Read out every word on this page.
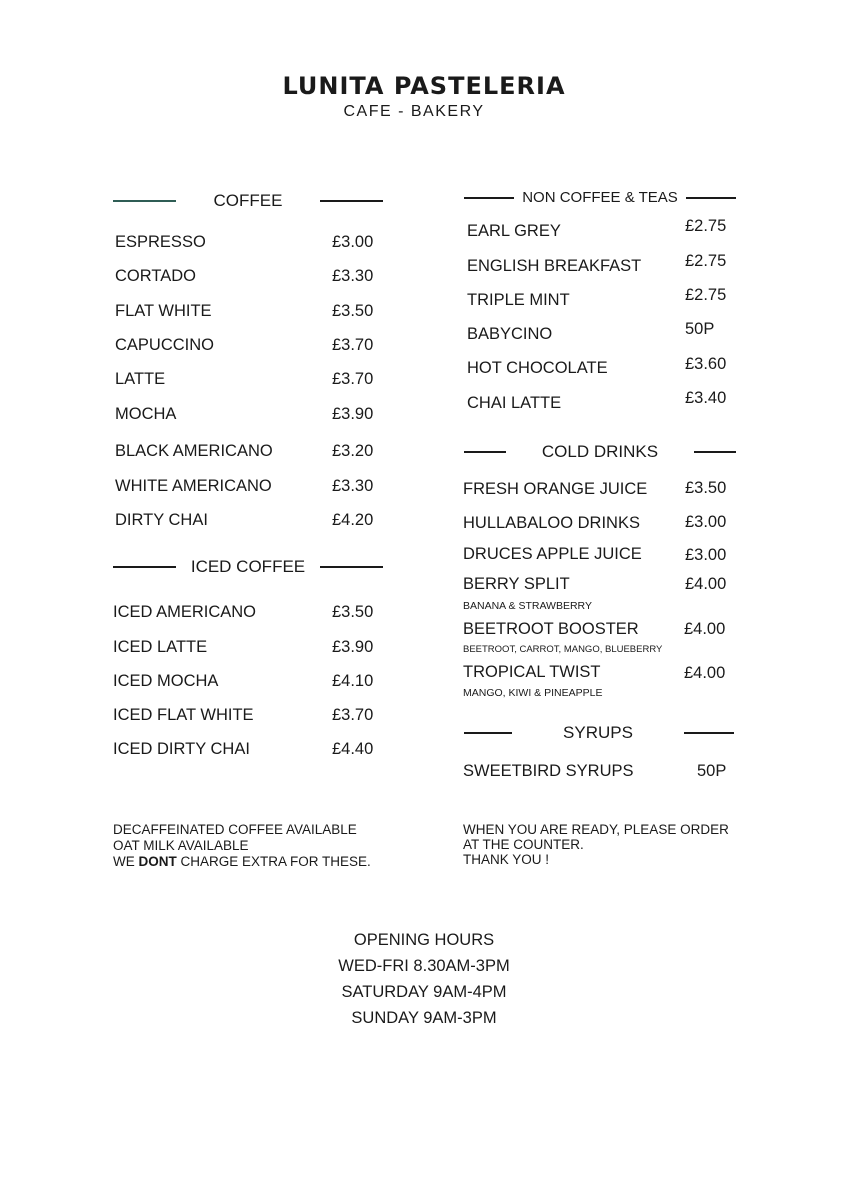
LUNITA PASTELERIA
CAFE - BAKERY
COFFEE
ESPRESSO	£3.00
CORTADO	£3.30
FLAT WHITE	£3.50
CAPUCCINO	£3.70
LATTE	£3.70
MOCHA	£3.90
BLACK AMERICANO	£3.20
WHITE AMERICANO	£3.30
DIRTY CHAI	£4.20
ICED COFFEE
ICED AMERICANO	£3.50
ICED LATTE	£3.90
ICED MOCHA	£4.10
ICED FLAT WHITE	£3.70
ICED DIRTY CHAI	£4.40
NON COFFEE & TEAS
EARL GREY	£2.75
ENGLISH BREAKFAST	£2.75
TRIPLE MINT	£2.75
BABYCINO	50P
HOT CHOCOLATE	£3.60
CHAI LATTE	£3.40
COLD DRINKS
FRESH ORANGE JUICE £3.50
HULLABALOO DRINKS	£3.00
DRUCES APPLE JUICE	£3.00
BERRY SPLIT	£4.00
BANANA & STRAWBERRY
BEETROOT BOOSTER	£4.00
BEETROOT, CARROT, MANGO, BLUEBERRY
TROPICAL TWIST	£4.00
MANGO, KIWI & PINEAPPLE
SYRUPS
SWEETBIRD SYRUPS	50P
DECAFFEINATED COFFEE AVAILABLE
OAT MILK AVAILABLE
WE DONT CHARGE EXTRA FOR THESE.
WHEN YOU ARE READY, PLEASE ORDER
AT THE COUNTER.
THANK YOU !
OPENING HOURS
WED-FRI 8.30AM-3PM
SATURDAY 9AM-4PM
SUNDAY 9AM-3PM
